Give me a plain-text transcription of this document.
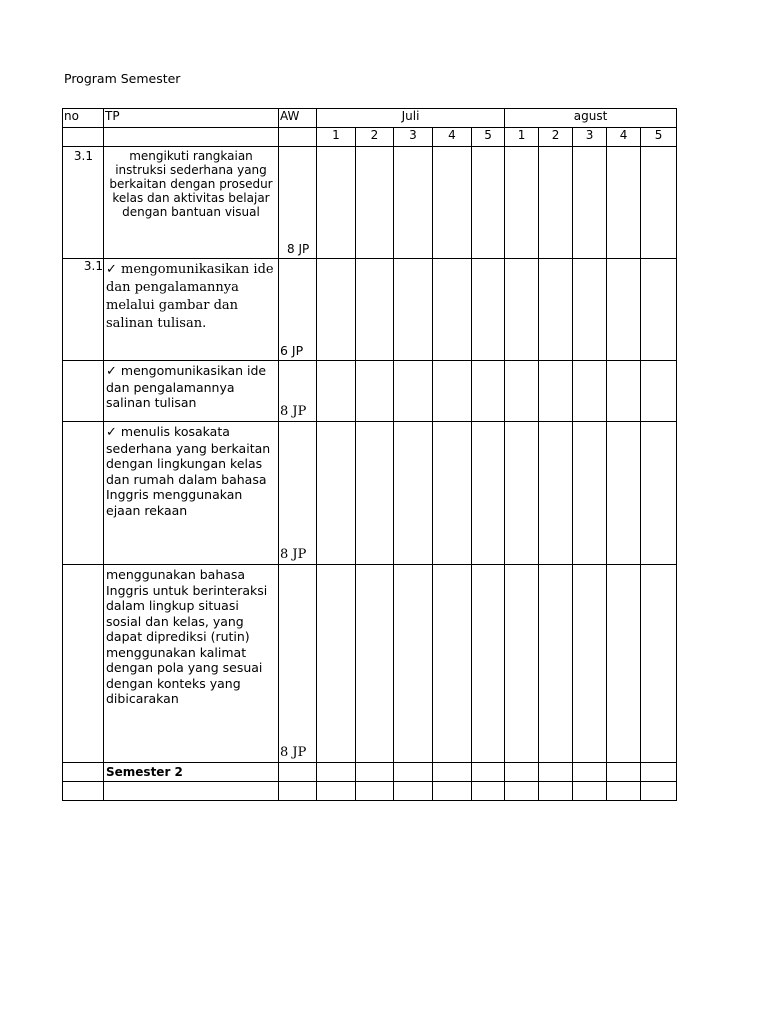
Program Semester
no	TP	AW	Juli					agust				
			1	2	3	4	5	1	2	3	4	5
3.1	mengikuti rangkaian instruksi sederhana yang berkaitan dengan prosedur kelas dan aktivitas belajar dengan bantuan visual	8 JP										
3.1	✓ mengomunikasikan ide dan pengalamannya melalui gambar dan salinan tulisan.	6 JP										

	✓ mengomunikasikan ide dan pengalamannya salinan tulisan	8 JP										

	✓ menulis kosakata sederhana yang berkaitan dengan lingkungan kelas dan rumah dalam bahasa Inggris menggunakan ejaan rekaan	8 JP										

	menggunakan bahasa Inggris untuk berinteraksi dalam lingkup situasi sosial dan kelas, yang dapat diprediksi (rutin) menggunakan kalimat dengan pola yang sesuai dengan konteks yang dibicarakan	8 JP										
	Semester 2											
